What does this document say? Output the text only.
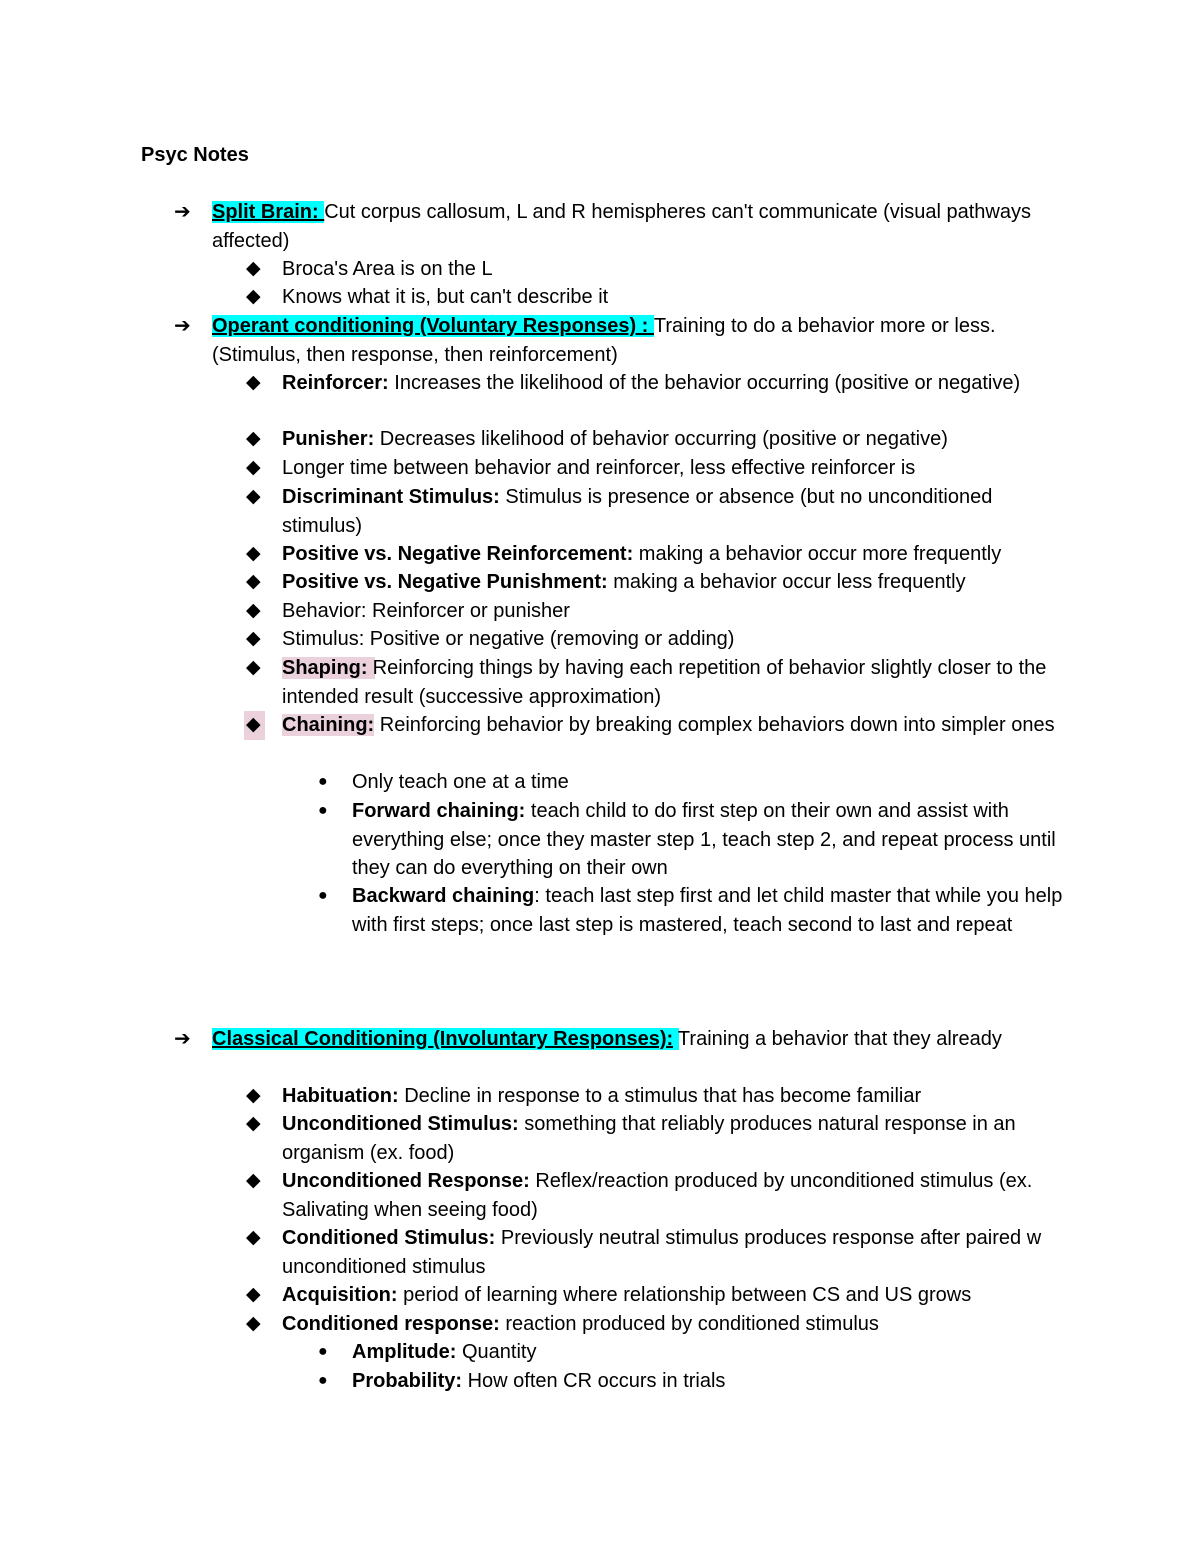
Psyc Notes
➔ Split Brain: Cut corpus callosum, L and R hemispheres can't communicate (visual pathways affected)
◆ Broca's Area is on the L
◆ Knows what it is, but can't describe it
➔ Operant conditioning (Voluntary Responses) : Training to do a behavior more or less. (Stimulus, then response, then reinforcement)
◆ Reinforcer: Increases the likelihood of the behavior occurring (positive or negative)
◆ Punisher: Decreases likelihood of behavior occurring (positive or negative)
◆ Longer time between behavior and reinforcer, less effective reinforcer is
◆ Discriminant Stimulus: Stimulus is presence or absence (but no unconditioned stimulus)
◆ Positive vs. Negative Reinforcement: making a behavior occur more frequently
◆ Positive vs. Negative Punishment: making a behavior occur less frequently
◆ Behavior: Reinforcer or punisher
◆ Stimulus: Positive or negative (removing or adding)
◆ Shaping:  Reinforcing things by having each repetition of behavior slightly closer to the intended result (successive approximation)
◆ Chaining: Reinforcing behavior by breaking complex behaviors down into simpler ones
● Only teach one at a time
● Forward chaining: teach child to do first step on their own and assist with everything else; once they master step 1, teach step 2, and repeat process until they can do everything on their own
● Backward chaining: teach last step first and let child master that while you help with first steps; once last step is mastered, teach second to last and repeat
➔ Classical Conditioning (Involuntary Responses):  Training a behavior that they already
◆ Habituation: Decline in response to a stimulus that has become familiar
◆ Unconditioned Stimulus: something that reliably produces natural response in an organism (ex. food)
◆ Unconditioned Response: Reflex/reaction produced by unconditioned stimulus (ex. Salivating when seeing food)
◆ Conditioned Stimulus: Previously neutral stimulus produces response after paired w unconditioned stimulus
◆ Acquisition: period of learning where relationship between CS and US grows
◆ Conditioned response: reaction produced by conditioned stimulus
● Amplitude: Quantity
● Probability: How often CR occurs in trials
